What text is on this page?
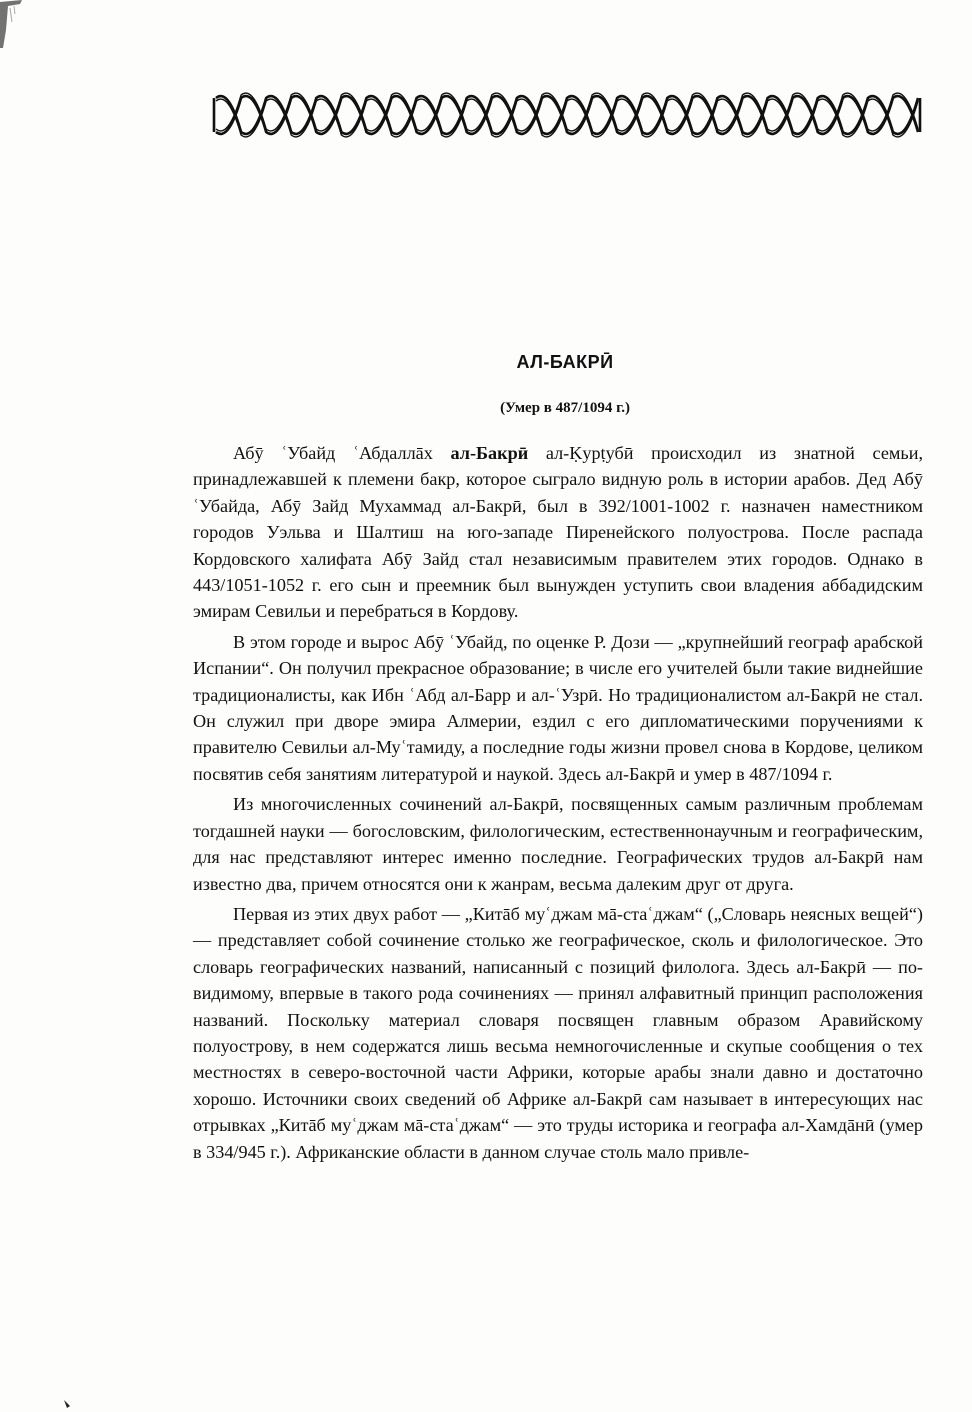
АЛ-БАКРӢ
(Умер в 487/1094 г.)

Абӯ ʿУбайд ʿАбдаллāх ал-Бакрӣ ал-Ḳурṭубӣ происходил из знатной семьи, принадлежавшей к племени бакр, которое сыграло видную роль в истории арабов. Дед Абӯ ʿУбайда, Абӯ Зайд Мухаммад ал-Бакрӣ, был в 392/1001-1002 г. назначен наместником городов Уэльва и Шалтиш на юго-западе Пиренейского полуострова. После распада Кордовского халифата Абӯ Зайд стал независимым правителем этих городов. Однако в 443/1051-1052 г. его сын и преемник был вынужден уступить свои владения аббадидским эмирам Севильи и перебраться в Кордову.

В этом городе и вырос Абӯ ʿУбайд, по оценке Р. Дози — „крупнейший географ арабской Испании“. Он получил прекрасное образование; в числе его учителей были такие виднейшие традиционалисты, как Ибн ʿАбд ал-Барр и ал-ʿУзрӣ. Но традиционалистом ал-Бакрӣ не стал. Он служил при дворе эмира Алмерии, ездил с его дипломатическими поручениями к правителю Севильи ал-Муʿтамиду, а последние годы жизни провел снова в Кордове, целиком посвятив себя занятиям литературой и наукой. Здесь ал-Бакрӣ и умер в 487/1094 г.

Из многочисленных сочинений ал-Бакрӣ, посвященных самым различным проблемам тогдашней науки — богословским, филологическим, естественнонаучным и географическим, для нас представляют интерес именно последние. Географических трудов ал-Бакрӣ нам известно два, причем относятся они к жанрам, весьма далеким друг от друга.

Первая из этих двух работ — „Китāб муʿджам мā-стаʿджам“ („Словарь неясных вещей“) — представляет собой сочинение столько же географическое, сколь и филологическое. Это словарь географических названий, написанный с позиций филолога. Здесь ал-Бакрӣ — по-видимому, впервые в такого рода сочинениях — принял алфавитный принцип расположения названий. Поскольку материал словаря посвящен главным образом Аравийскому полуострову, в нем содержатся лишь весьма немногочисленные и скупые сообщения о тех местностях в северо-восточной части Африки, которые арабы знали давно и достаточно хорошо. Источники своих сведений об Африке ал-Бакрӣ сам называет в интересующих нас отрывках „Китāб муʿджам мā-стаʿджам“ — это труды историка и географа ал-Хамдāнӣ (умер в 334/945 г.). Африканские области в данном случае столь мало привле-
